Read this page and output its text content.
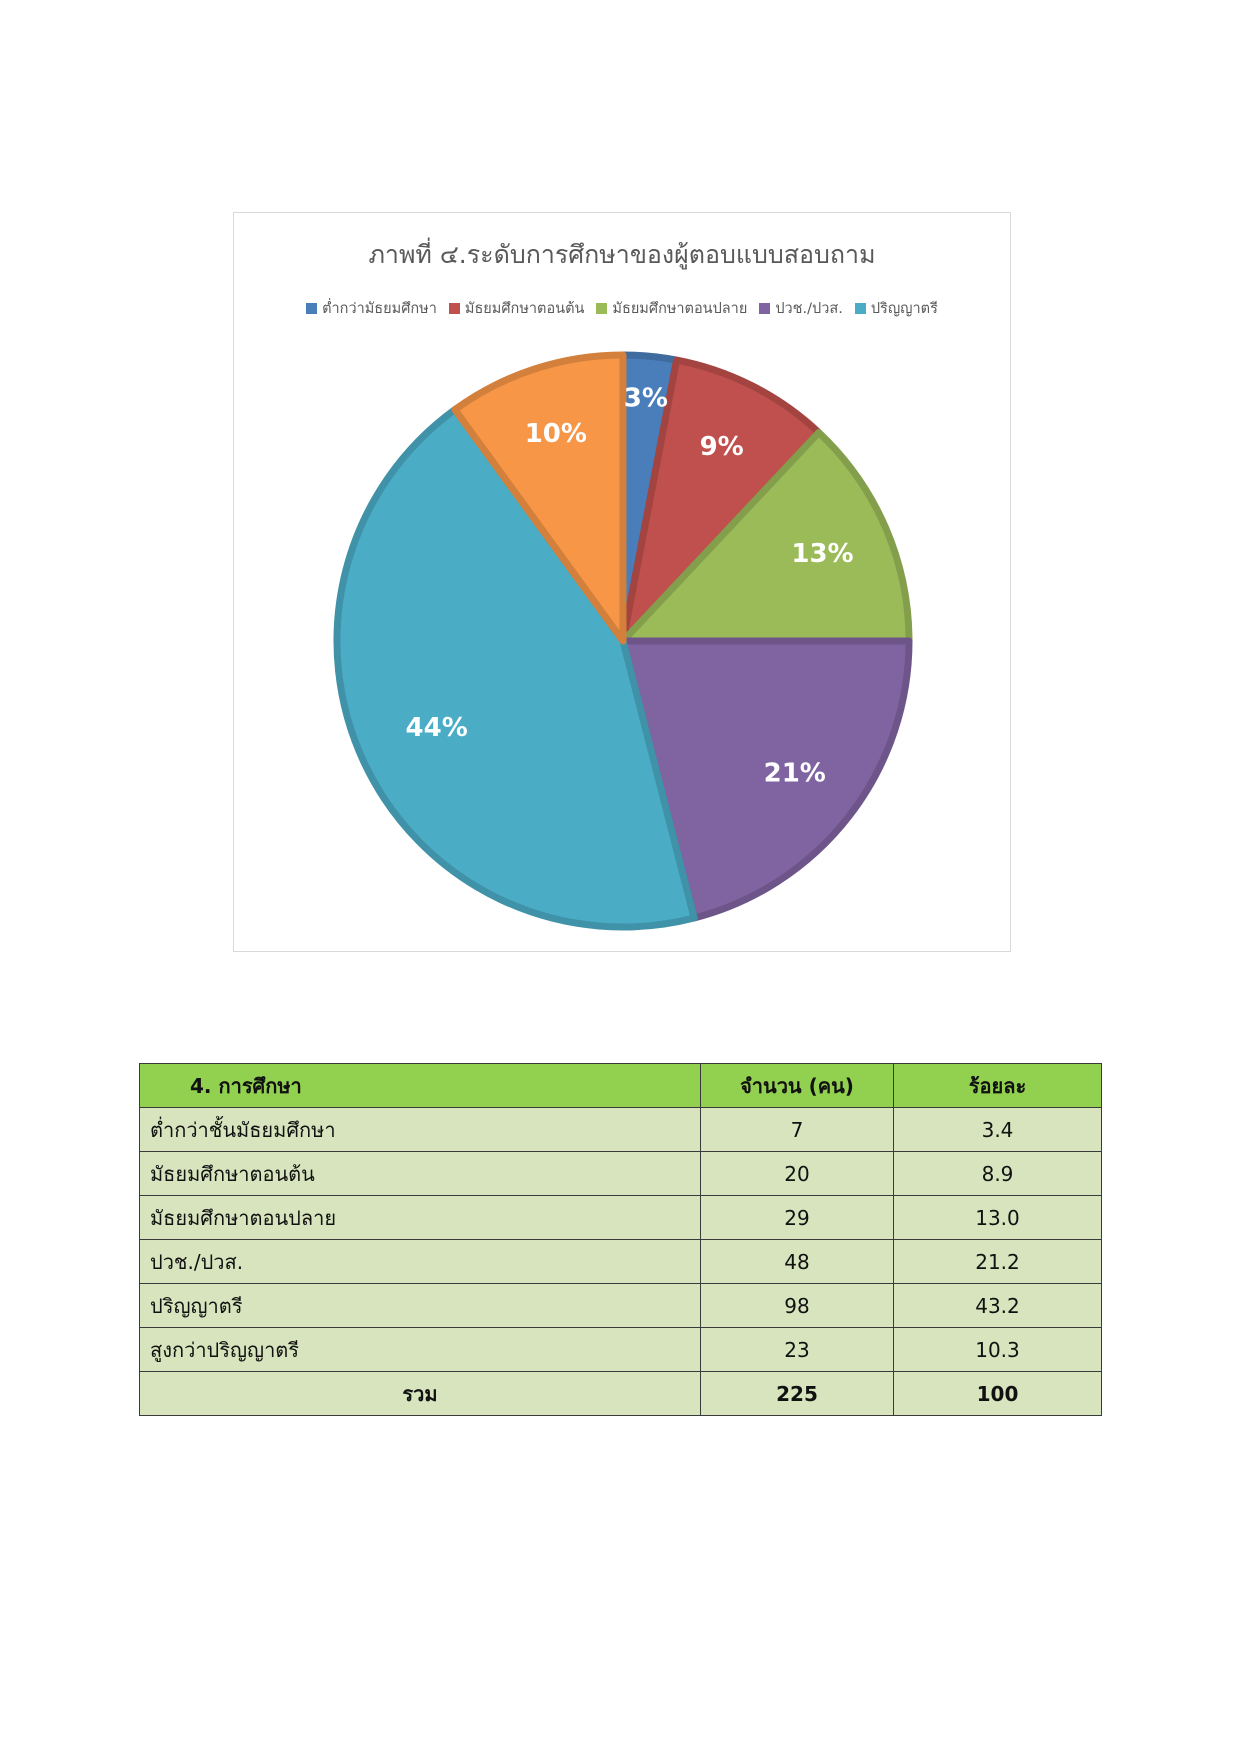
ภาพที่ ๔.ระดับการศึกษาของผู้ตอบแบบสอบถาม
ต่ำกว่ามัธยมศึกษา มัธยมศึกษาตอนต้น มัธยมศึกษาตอนปลาย ปวช./ปวส. ปริญญาตรี
3%
9%
13%
21%
44%
10%
4. การศึกษา	จำนวน (คน)	ร้อยละ
ต่ำกว่าชั้นมัธยมศึกษา	7	3.4
มัธยมศึกษาตอนต้น	20	8.9
มัธยมศึกษาตอนปลาย	29	13.0
ปวช./ปวส.	48	21.2
ปริญญาตรี	98	43.2
สูงกว่าปริญญาตรี	23	10.3
รวม	225	100
